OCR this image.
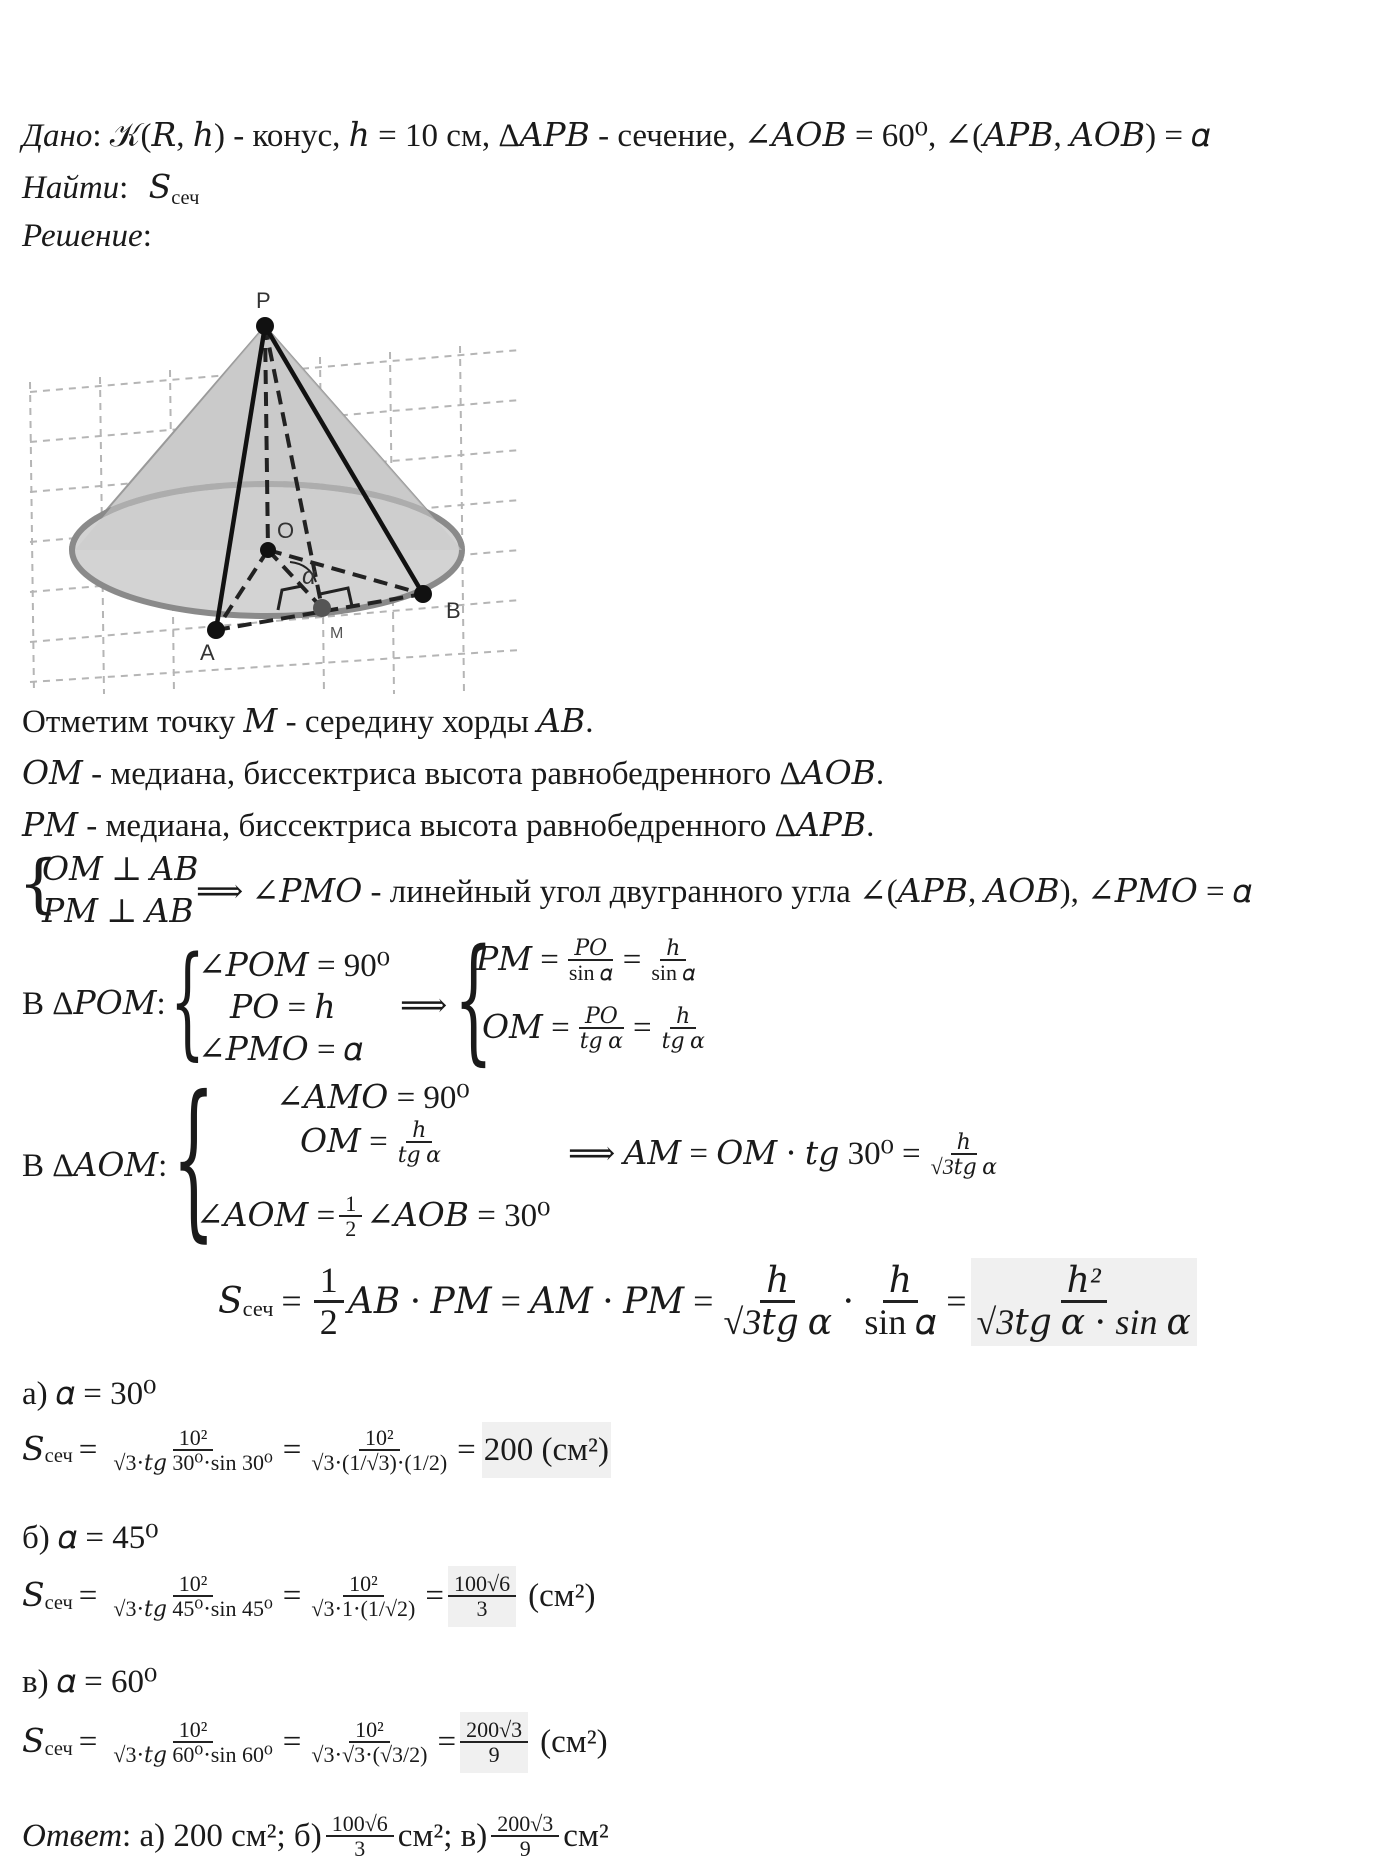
Дано: 𝒦(𝑅, ℎ) - конус, ℎ = 10 см, Δ𝐴𝑃𝐵 - сечение, ∠𝐴𝑂𝐵 = 60⁰, ∠(𝐴𝑃𝐵, 𝐴𝑂𝐵) = 𝛼
Найти: 𝑆сеч
Решение:
P
O
A
B
M
α
Отметим точку 𝑀 - середину хорды 𝐴𝐵.
𝑂𝑀 - медиана, биссектриса высота равнобедренного Δ𝐴𝑂𝐵.
𝑃𝑀 - медиана, биссектриса высота равнобедренного Δ𝐴𝑃𝐵.
{
𝑂𝑀 ⊥ 𝐴𝐵
𝑃𝑀 ⊥ 𝐴𝐵
⟹ ∠𝑃𝑀𝑂 - линейный угол двугранного угла ∠(𝐴𝑃𝐵, 𝐴𝑂𝐵), ∠𝑃𝑀𝑂 = 𝛼
В Δ𝑃𝑂𝑀: {
∠𝑃𝑂𝑀 = 90⁰
𝑃𝑂 = ℎ
∠𝑃𝑀𝑂 = 𝛼
⟹ {
𝑃𝑀 = $\frac{\text{𝑃𝑂}}{\text{sin 𝛼}} = \frac{\text{ℎ}}{\text{sin 𝛼}}$
𝑂𝑀 = $\frac{\text{𝑃𝑂}}{\text{𝑡𝑔 𝛼}} = \frac{\text{ℎ}}{\text{𝑡𝑔 𝛼}}$
В Δ𝐴𝑂𝑀: { ∠𝐴𝑀𝑂 = 90⁰
𝑂𝑀 = $\frac{\text{ℎ}}{\text{𝑡𝑔 𝛼}}$
∠𝐴𝑂𝑀 = $\frac{1}{2}$ ∠𝐴𝑂𝐵 = 30⁰
⟹ 𝐴𝑀 = 𝑂𝑀 ⋅ 𝑡𝑔 $30^0 = \frac{\text{ℎ}}{\text{√3𝑡𝑔 𝛼}}$
𝑆 сеч = $\frac{1}{2}$ 𝐴𝐵 ⋅ 𝑃𝑀 = 𝐴𝑀 ⋅ 𝑃𝑀 = $\frac{\text{ℎ}}{\text{√3𝑡𝑔 𝛼}} \cdot \frac{\text{ℎ}}{\text{sin 𝛼}} = \frac{\text{ℎ²}}{\text{√3𝑡𝑔 𝛼 ⋅ sin 𝛼}}$
а) 𝛼 = 30⁰
𝑆 сеч = $\frac{\text{10²}}{\text{√3⋅𝑡𝑔 30⁰⋅sin 30⁰}} = \frac{\text{10²}}{√3\cdot(1/√3)\cdot(1/2)} = 200$ (см²)
б) 𝛼 = 45⁰
𝑆 сеч = $\frac{\text{10²}}{\text{√3⋅𝑡𝑔 45⁰⋅sin 45⁰}} = \frac{\text{10²}}{√3\cdot 1\cdot(1/√2)} = \frac{100√6}{3} (см^2)$
в) 𝛼 = 60⁰
𝑆 сеч = $\frac{\text{10²}}{\text{√3⋅𝑡𝑔 60⁰⋅sin 60⁰}} = \frac{\text{10²}}{√3\cdot√3\cdot(√3/2)} = \frac{200√3}{9} (см^2)$
Ответ : а) 200 см²; $б) \frac{100√6}{3} см^2$; $в) \frac{200√3}{9} см^2$
